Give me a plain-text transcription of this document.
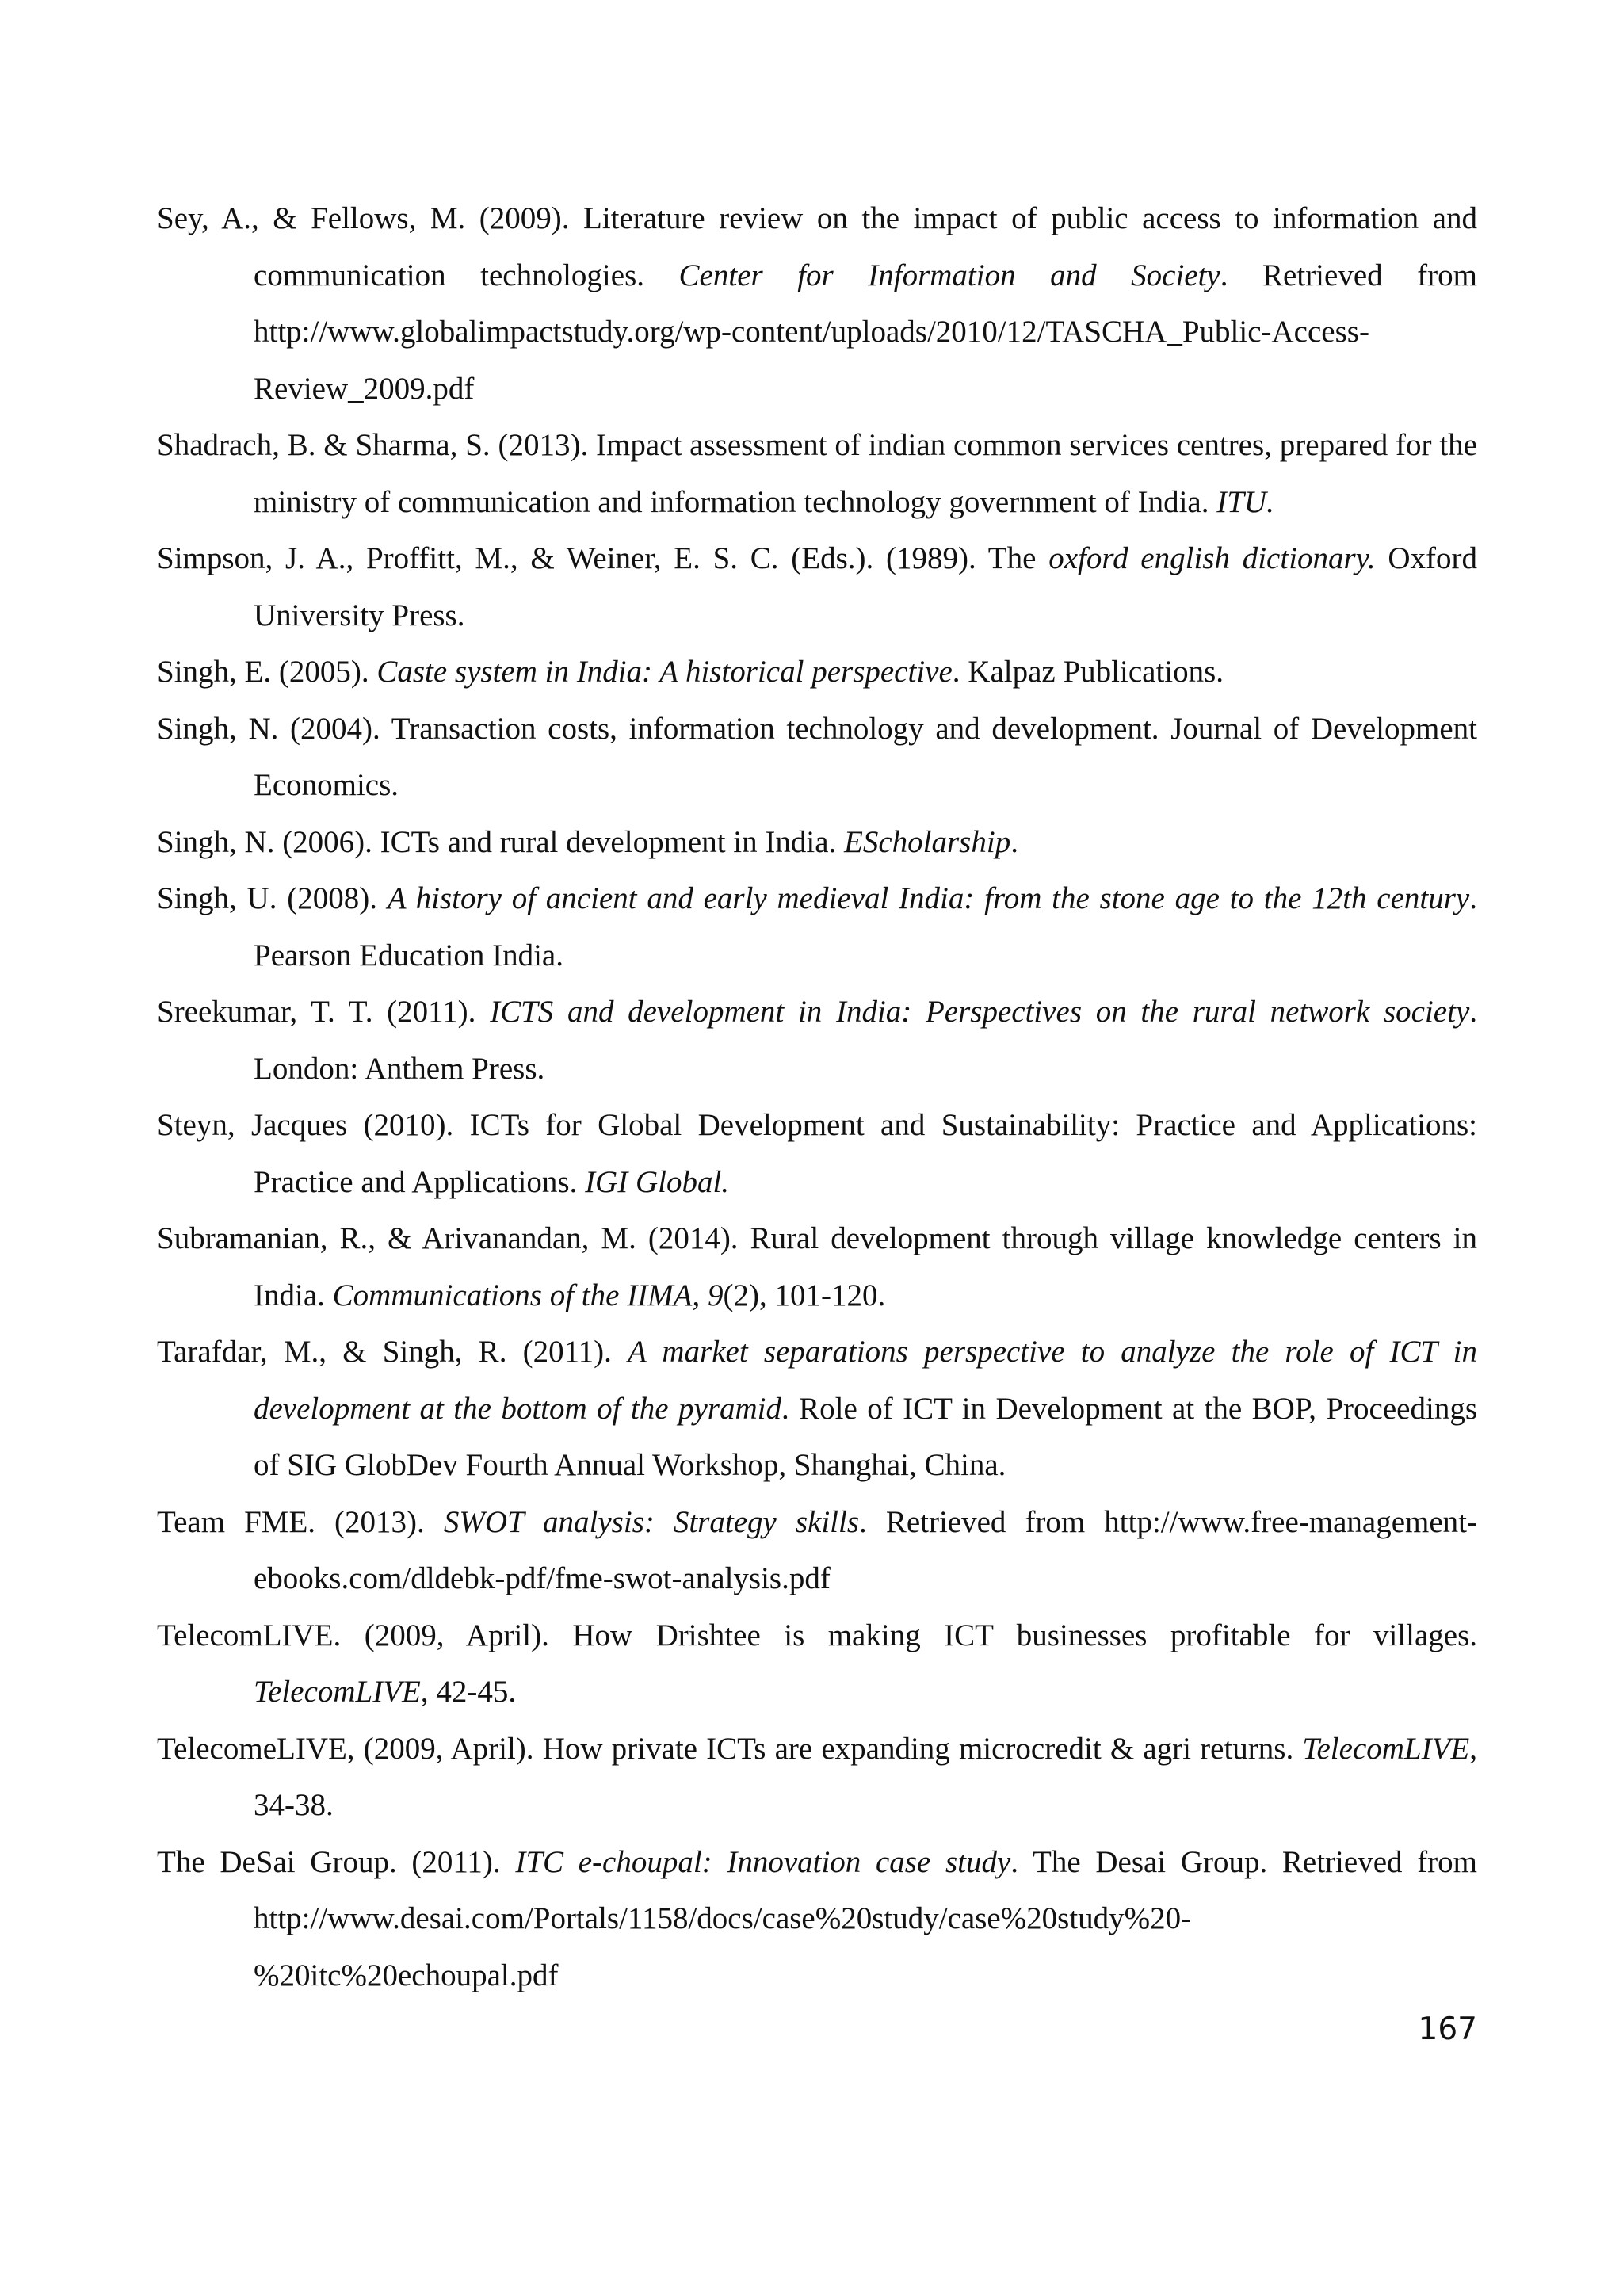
Sey, A., & Fellows, M. (2009). Literature review on the impact of public access to information and communication technologies. Center for Information and Society. Retrieved from http://www.globalimpactstudy.org/wp-content/uploads/2010/12/TASCHA_Public-Access-Review_2009.pdf
Shadrach, B. & Sharma, S. (2013). Impact assessment of indian common services centres, prepared for the ministry of communication and information technology government of India. ITU.
Simpson, J. A., Proffitt, M., & Weiner, E. S. C. (Eds.). (1989). The oxford english dictionary. Oxford University Press.
Singh, E. (2005). Caste system in India: A historical perspective. Kalpaz Publications.
Singh, N. (2004). Transaction costs, information technology and development. Journal of Development Economics.
Singh, N. (2006). ICTs and rural development in India. EScholarship.
Singh, U. (2008). A history of ancient and early medieval India: from the stone age to the 12th century. Pearson Education India.
Sreekumar, T. T. (2011). ICTS and development in India: Perspectives on the rural network society. London: Anthem Press.
Steyn, Jacques (2010). ICTs for Global Development and Sustainability: Practice and Applications: Practice and Applications. IGI Global.
Subramanian, R., & Arivanandan, M. (2014). Rural development through village knowledge centers in India. Communications of the IIMA, 9(2), 101-120.
Tarafdar, M., & Singh, R. (2011). A market separations perspective to analyze the role of ICT in development at the bottom of the pyramid. Role of ICT in Development at the BOP, Proceedings of SIG GlobDev Fourth Annual Workshop, Shanghai, China.
Team FME. (2013). SWOT analysis: Strategy skills. Retrieved from http://www.free-management-ebooks.com/dldebk-pdf/fme-swot-analysis.pdf
TelecomLIVE. (2009, April). How Drishtee is making ICT businesses profitable for villages. TelecomLIVE, 42-45.
TelecomeLIVE, (2009, April). How private ICTs are expanding microcredit & agri returns. TelecomLIVE, 34-38.
The DeSai Group. (2011). ITC e-choupal: Innovation case study. The Desai Group. Retrieved from http://www.desai.com/Portals/1158/docs/case%20study/case%20study%20-%20itc%20echoupal.pdf
167
